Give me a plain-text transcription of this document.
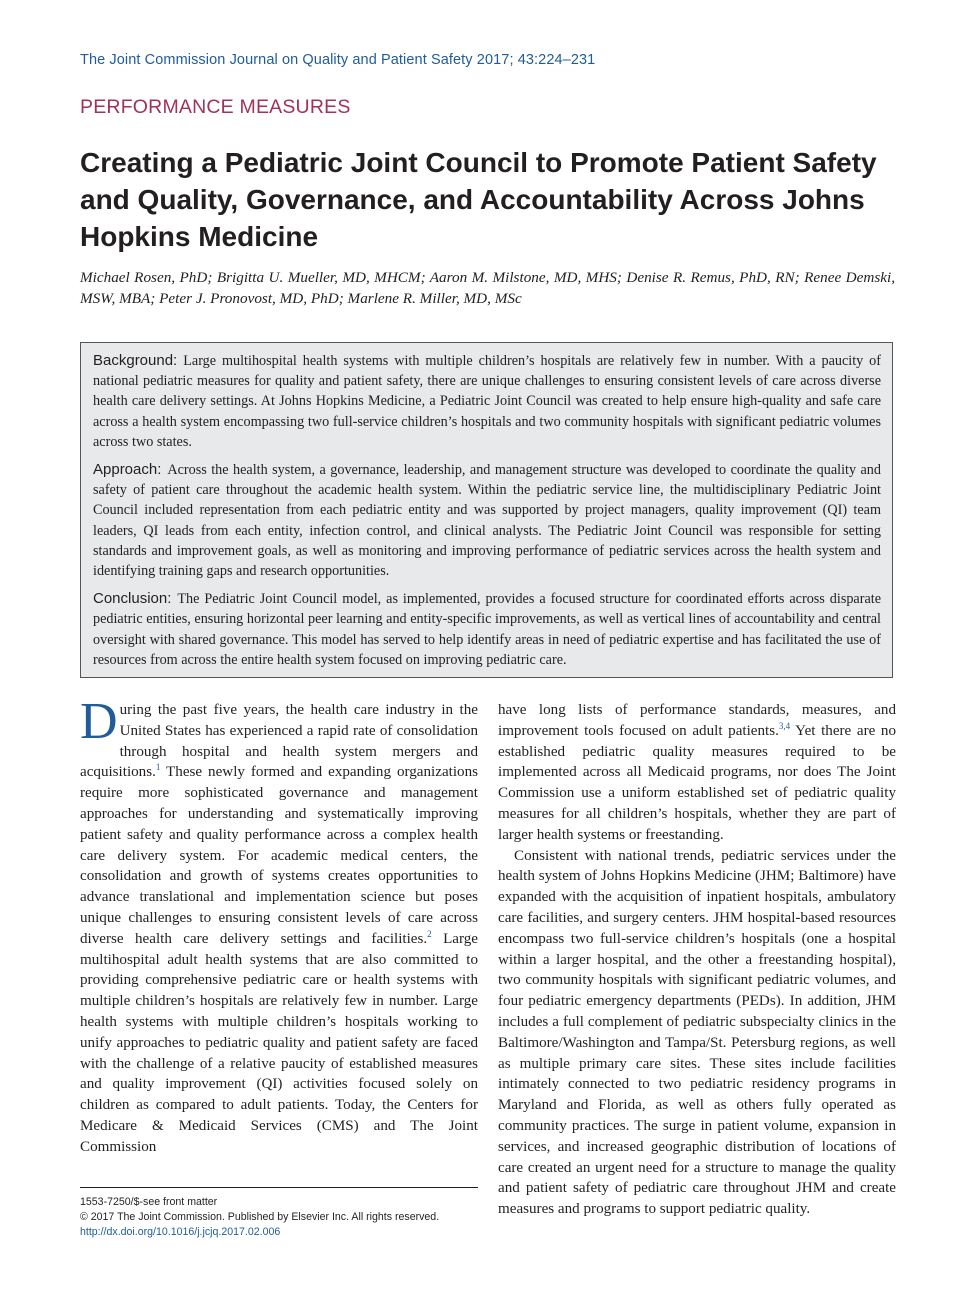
The Joint Commission Journal on Quality and Patient Safety 2017; 43:224–231
PERFORMANCE MEASURES
Creating a Pediatric Joint Council to Promote Patient Safety and Quality, Governance, and Accountability Across Johns Hopkins Medicine

Michael Rosen, PhD; Brigitta U. Mueller, MD, MHCM; Aaron M. Milstone, MD, MHS; Denise R. Remus, PhD, RN; Renee Demski, MSW, MBA; Peter J. Pronovost, MD, PhD; Marlene R. Miller, MD, MSc

Background: Large multihospital health systems with multiple children’s hospitals are relatively few in number. With a paucity of national pediatric measures for quality and patient safety, there are unique challenges to ensuring consistent levels of care across diverse health care delivery settings. At Johns Hopkins Medicine, a Pediatric Joint Council was created to help ensure high-quality and safe care across a health system encompassing two full-service children’s hospitals and two community hospitals with significant pediatric volumes across two states.

Approach: Across the health system, a governance, leadership, and management structure was developed to coordinate the quality and safety of patient care throughout the academic health system. Within the pediatric service line, the multidisciplinary Pediatric Joint Council included representation from each pediatric entity and was supported by project managers, quality improvement (QI) team leaders, QI leads from each entity, infection control, and clinical analysts. The Pediatric Joint Council was responsible for setting standards and improvement goals, as well as monitoring and improving performance of pediatric services across the health system and identifying training gaps and research opportunities.

Conclusion: The Pediatric Joint Council model, as implemented, provides a focused structure for coordinated efforts across disparate pediatric entities, ensuring horizontal peer learning and entity-specific improvements, as well as vertical lines of accountability and central oversight with shared governance. This model has served to help identify areas in need of pediatric expertise and has facilitated the use of resources from across the entire health system focused on improving pediatric care.

During the past five years, the health care industry in the United States has experienced a rapid rate of consolidation through hospital and health system mergers and acquisitions.$^1$ These newly formed and expanding organizations require more sophisticated governance and management approaches for understanding and systematically improving patient safety and quality performance across a complex health care delivery system. For academic medical centers, the consolidation and growth of systems creates opportunities to advance translational and implementation science but poses unique challenges to ensuring consistent levels of care across diverse health care delivery settings and facilities.$^2$ Large multihospital adult health systems that are also committed to providing comprehensive pediatric care or health systems with multiple children’s hospitals are relatively few in number. Large health systems with multiple children’s hospitals working to unify approaches to pediatric quality and patient safety are faced with the challenge of a relative paucity of established measures and quality improvement (QI) activities focused solely on children as compared to adult patients. Today, the Centers for Medicare & Medicaid Services (CMS) and The Joint Commission

have long lists of performance standards, measures, and improvement tools focused on adult patients.$^{3,4}$ Yet there are no established pediatric quality measures required to be implemented across all Medicaid programs, nor does The Joint Commission use a uniform established set of pediatric quality measures for all children’s hospitals, whether they are part of larger health systems or freestanding.

Consistent with national trends, pediatric services under the health system of Johns Hopkins Medicine (JHM; Baltimore) have expanded with the acquisition of inpatient hospitals, ambulatory care facilities, and surgery centers. JHM hospital-based resources encompass two full-service children’s hospitals (one a hospital within a larger hospital, and the other a freestanding hospital), two community hospitals with significant pediatric volumes, and four pediatric emergency departments (PEDs). In addition, JHM includes a full complement of pediatric subspecialty clinics in the Baltimore/Washington and Tampa/St. Petersburg regions, as well as multiple primary care sites. These sites include facilities intimately connected to two pediatric residency programs in Maryland and Florida, as well as others fully operated as community practices. The surge in patient volume, expansion in services, and increased geographic distribution of locations of care created an urgent need for a structure to manage the quality and patient safety of pediatric care throughout JHM and create measures and programs to support pediatric quality.

1553-7250/$-see front matter
© 2017 The Joint Commission. Published by Elsevier Inc. All rights reserved.
http://dx.doi.org/10.1016/j.jcjq.2017.02.006
